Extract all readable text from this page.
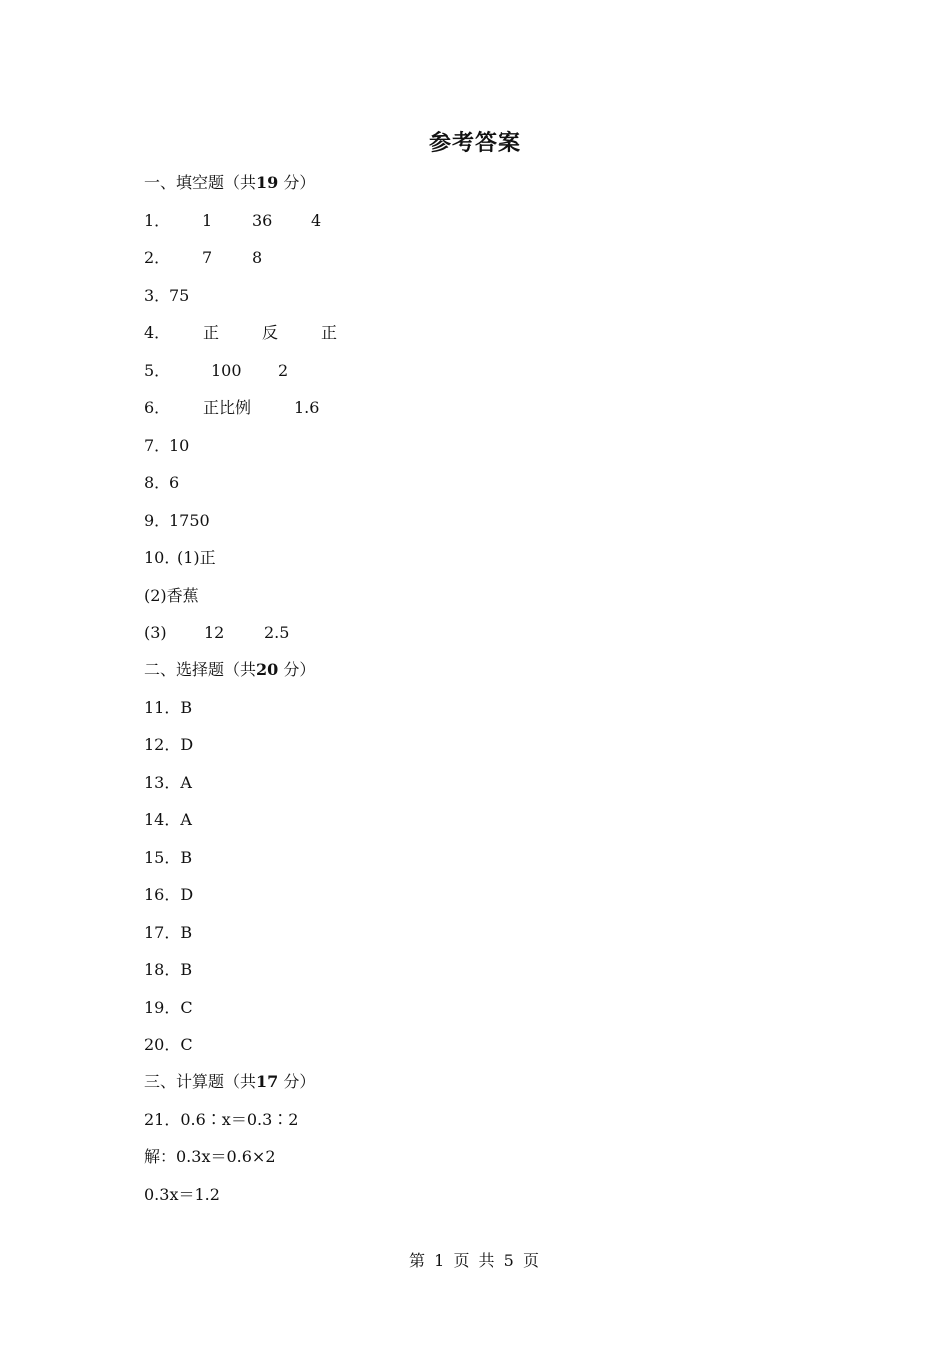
参考答案
一、填空题（共19 分）
1． 1 36 4
2． 7 8
3．
75
4． 正	反	正
5．	100 2
6． 正比例	1.6
7．
10
8．
6
9．
1750
10．
(1)正
(2)香蕉
(3) 12 2.5
二、选择题（共20 分）
11．B
12．D
13．A
14．A
15．B
16．D
17．B
18．B
19．C
20．C
三、计算题（共17 分）
21．0.6∶x＝0.3∶2
解：0.3x＝0.6×2
0.3x＝1.2
第 1 页 共 5 页
